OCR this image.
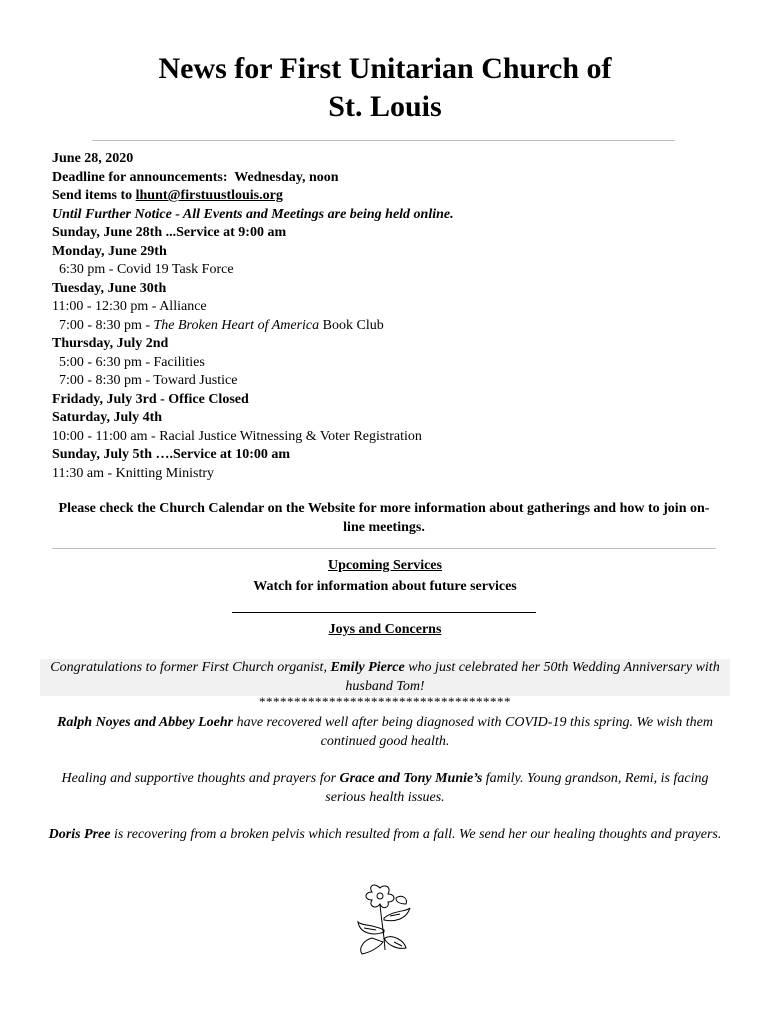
News for First Unitarian Church of
St. Louis
June 28, 2020
Deadline for announcements:  Wednesday, noon
Send items to lhunt@firstuustlouis.org
Until Further Notice - All Events and Meetings are being held online.
Sunday, June 28th ...Service at 9:00 am
Monday, June 29th
6:30 pm - Covid 19 Task Force
Tuesday, June 30th
11:00 - 12:30 pm - Alliance
7:00 - 8:30 pm - The Broken Heart of America Book Club
Thursday, July 2nd
5:00 - 6:30 pm - Facilities
7:00 - 8:30 pm - Toward Justice
Fridady, July 3rd - Office Closed
Saturday, July 4th
10:00 - 11:00 am - Racial Justice Witnessing & Voter Registration
Sunday, July 5th ….Service at 10:00 am
11:30 am - Knitting Ministry
Please check the Church Calendar on the Website for more information about gatherings and how to join on-line meetings.
Upcoming Services
Watch for information about future services
Joys and Concerns
Congratulations to former First Church organist, Emily Pierce who just celebrated her 50th Wedding Anniversary with husband Tom!
************************************
Ralph Noyes and Abbey Loehr have recovered well after being diagnosed with COVID-19 this spring. We wish them continued good health.
Healing and supportive thoughts and prayers for Grace and Tony Munie’s family. Young grandson, Remi, is facing serious health issues.
Doris Pree is recovering from a broken pelvis which resulted from a fall. We send her our healing thoughts and prayers.
